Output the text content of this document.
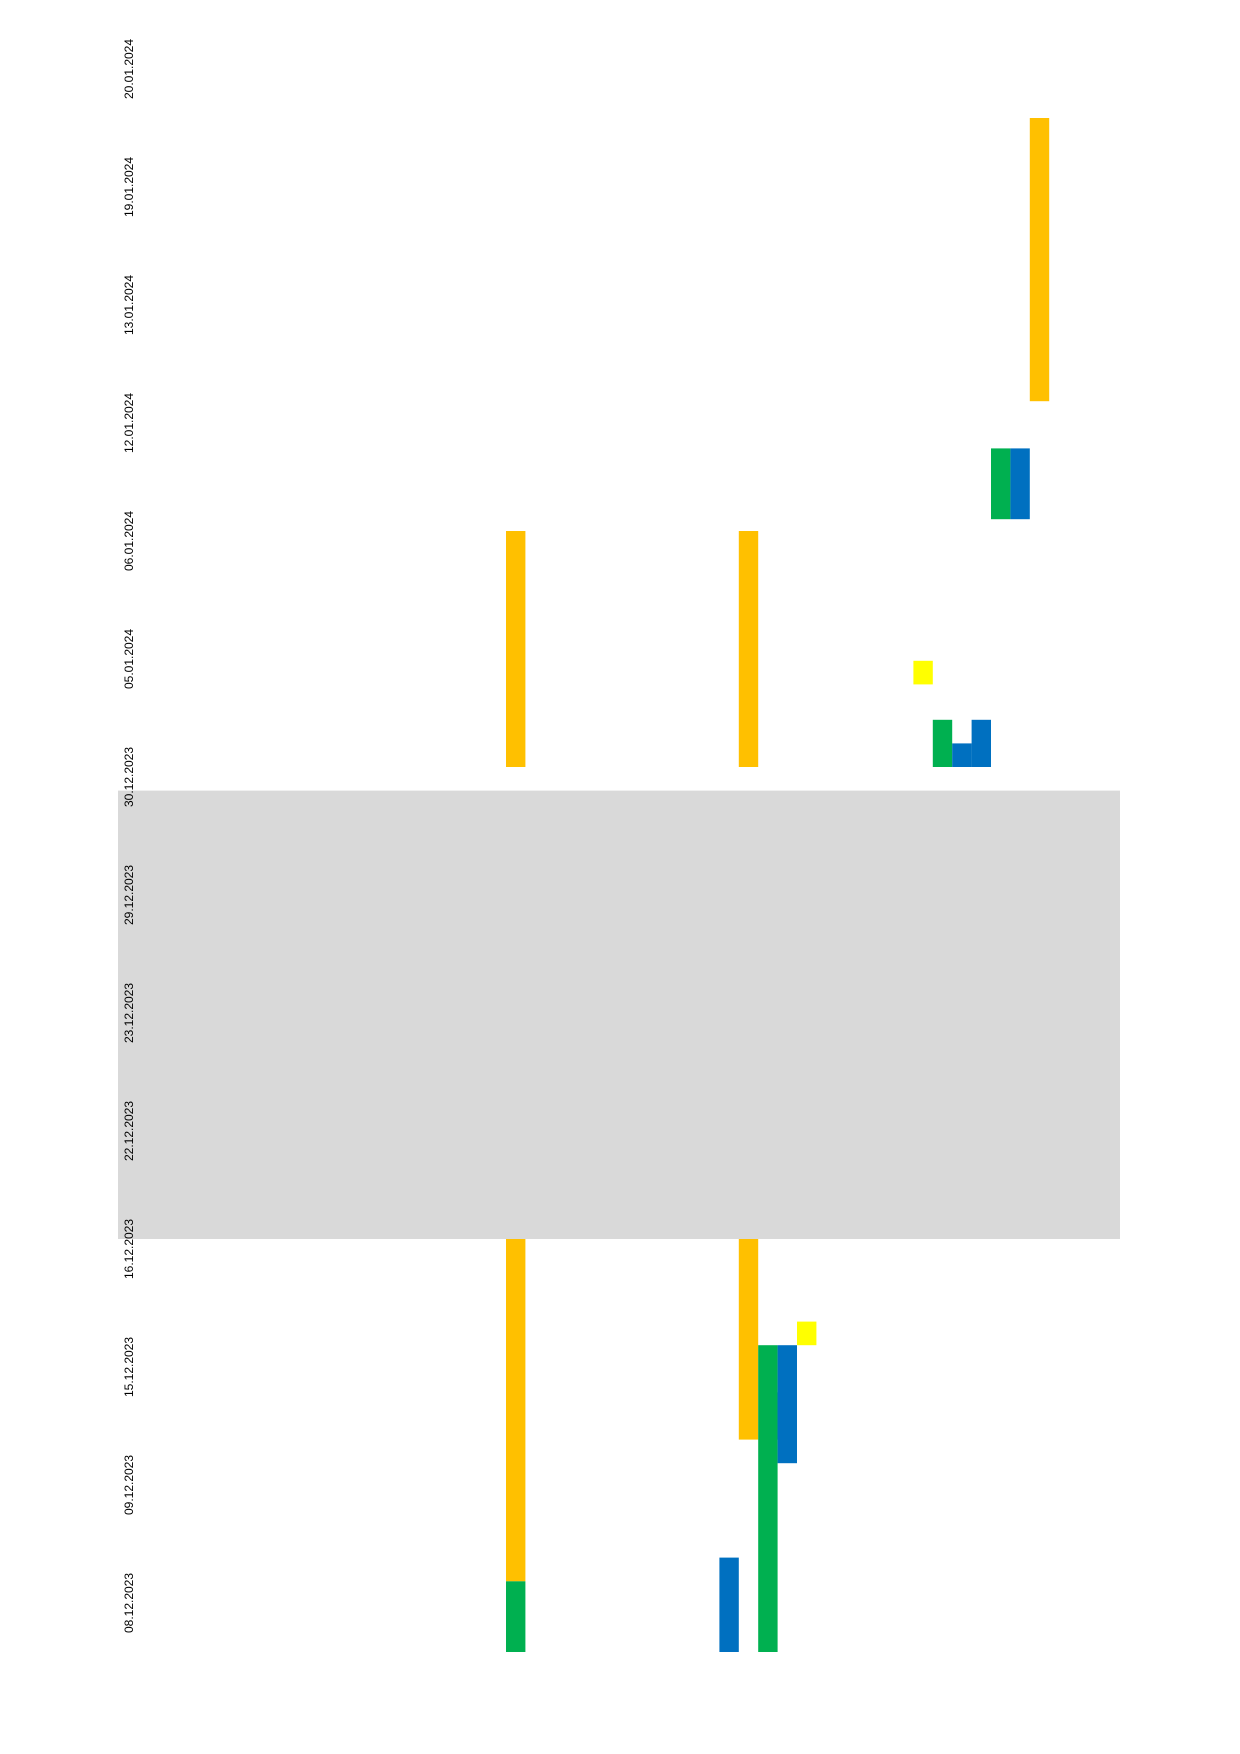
08.12.2023
09.12.2023
15.12.2023
16.12.2023
22.12.2023
23.12.2023
29.12.2023
30.12.2023
05.01.2024
06.01.2024
12.01.2024
13.01.2024
19.01.2024
20.01.2024
